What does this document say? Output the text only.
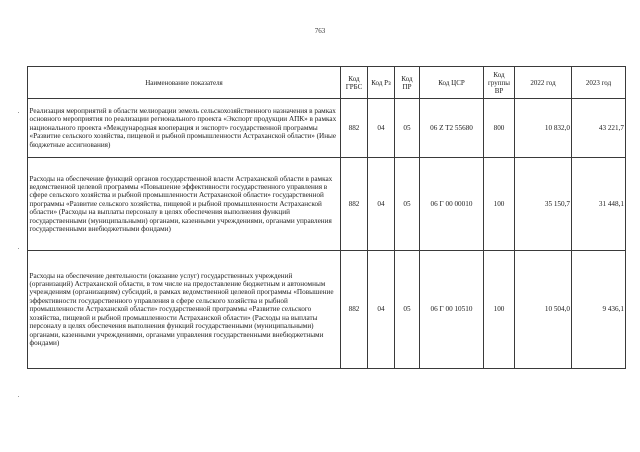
763
Наименование показателя	Код ГРБС	Код Рз	Код ПР	Код ЦСР	Код группы ВР	2022 год	2023 год
Реализация мероприятий в области мелиорации земель сельскохозяйственного назначения в рамках основного мероприятия по реализации регионального проекта «Экспорт продукции АПК» в рамках национального проекта «Международная кооперация и экспорт» государственной программы «Развитие сельского хозяйства, пищевой и рыбной промышленности Астраханской области» (Иные бюджетные ассигнования)	882	04	05	06 Z T2 55680	800	10 832,0	43 221,7
Расходы на обеспечение функций органов государственной власти Астраханской области в рамках ведомственной целевой программы «Повышение эффективности государственного управления в сфере сельского хозяйства и рыбной промышленности Астраханской области» государственной программы «Развитие сельского хозяйства, пищевой и рыбной промышленности Астраханской области» (Расходы на выплаты персоналу в целях обеспечения выполнения функций государственными (муниципальными) органами, казенными учреждениями, органами управления государственными внебюджетными фондами)	882	04	05	06 Г 00 00010	100	35 150,7	31 448,1
Расходы на обеспечение деятельности (оказание услуг) государственных учреждений (организаций) Астраханской области, в том числе на предоставление бюджетным и автономным учреждениям (организациям) субсидий, в рамках ведомственной целевой программы «Повышение эффективности государственного управления в сфере сельского хозяйства и рыбной промышленности Астраханской области» государственной программы «Развитие сельского хозяйства, пищевой и рыбной промышленности Астраханской области» (Расходы на выплаты персоналу в целях обеспечения выполнения функций государственными (муниципальными) органами, казенными учреждениями, органами управления государственными внебюджетными фондами)	882	04	05	06 Г 00 10510	100	10 504,0	9 436,1
